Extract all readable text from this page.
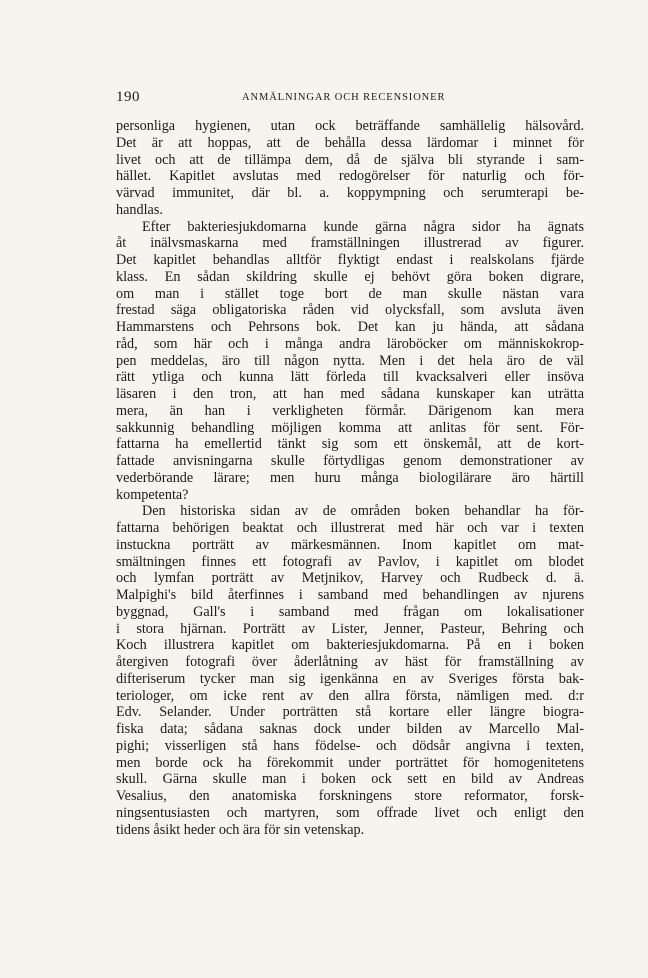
190	ANMÄLNINGAR OCH RECENSIONER
personliga hygienen, utan ock beträffande samhällelig hälsovård.
Det är att hoppas, att de behålla dessa lärdomar i minnet för
livet och att de tillämpa dem, då de själva bli styrande i sam-
hället. Kapitlet avslutas med redogörelser för naturlig och för-
värvad immunitet, där bl. a. koppympning och serumterapi be-
handlas.
Efter bakteriesjukdomarna kunde gärna några sidor ha ägnats
åt inälvsmaskarna med framställningen illustrerad av figurer.
Det kapitlet behandlas alltför flyktigt endast i realskolans fjärde
klass. En sådan skildring skulle ej behövt göra boken digrare,
om man i stället toge bort de man skulle nästan vara
frestad säga obligatoriska råden vid olycksfall, som avsluta även
Hammarstens och Pehrsons bok. Det kan ju hända, att sådana
råd, som här och i många andra läroböcker om människokrop-
pen meddelas, äro till någon nytta. Men i det hela äro de väl
rätt ytliga och kunna lätt förleda till kvacksalveri eller insöva
läsaren i den tron, att han med sådana kunskaper kan uträtta
mera, än han i verkligheten förmår. Därigenom kan mera
sakkunnig behandling möjligen komma att anlitas för sent. För-
fattarna ha emellertid tänkt sig som ett önskemål, att de kort-
fattade anvisningarna skulle förtydligas genom demonstrationer av
vederbörande lärare; men huru många biologilärare äro härtill
kompetenta?
Den historiska sidan av de områden boken behandlar ha för-
fattarna behörigen beaktat och illustrerat med här och var i texten
instuckna porträtt av märkesmännen. Inom kapitlet om mat-
smältningen finnes ett fotografi av Pavlov, i kapitlet om blodet
och lymfan porträtt av Metjnikov, Harvey och Rudbeck d. ä.
Malpighi's bild återfinnes i samband med behandlingen av njurens
byggnad, Gall's i samband med frågan om lokalisationer
i stora hjärnan. Porträtt av Lister, Jenner, Pasteur, Behring och
Koch illustrera kapitlet om bakteriesjukdomarna. På en i boken
återgiven fotografi över åderlåtning av häst för framställning av
difteriserum tycker man sig igenkänna en av Sveriges första bak-
teriologer, om icke rent av den allra första, nämligen med. d:r
Edv. Selander. Under porträtten stå kortare eller längre biogra-
fiska data; sådana saknas dock under bilden av Marcello Mal-
pighi; visserligen stå hans födelse- och dödsår angivna i texten,
men borde ock ha förekommit under porträttet för homogenitetens
skull. Gärna skulle man i boken ock sett en bild av Andreas
Vesalius, den anatomiska forskningens store reformator, forsk-
ningsentusiasten och martyren, som offrade livet och enligt den
tidens åsikt heder och ära för sin vetenskap.
